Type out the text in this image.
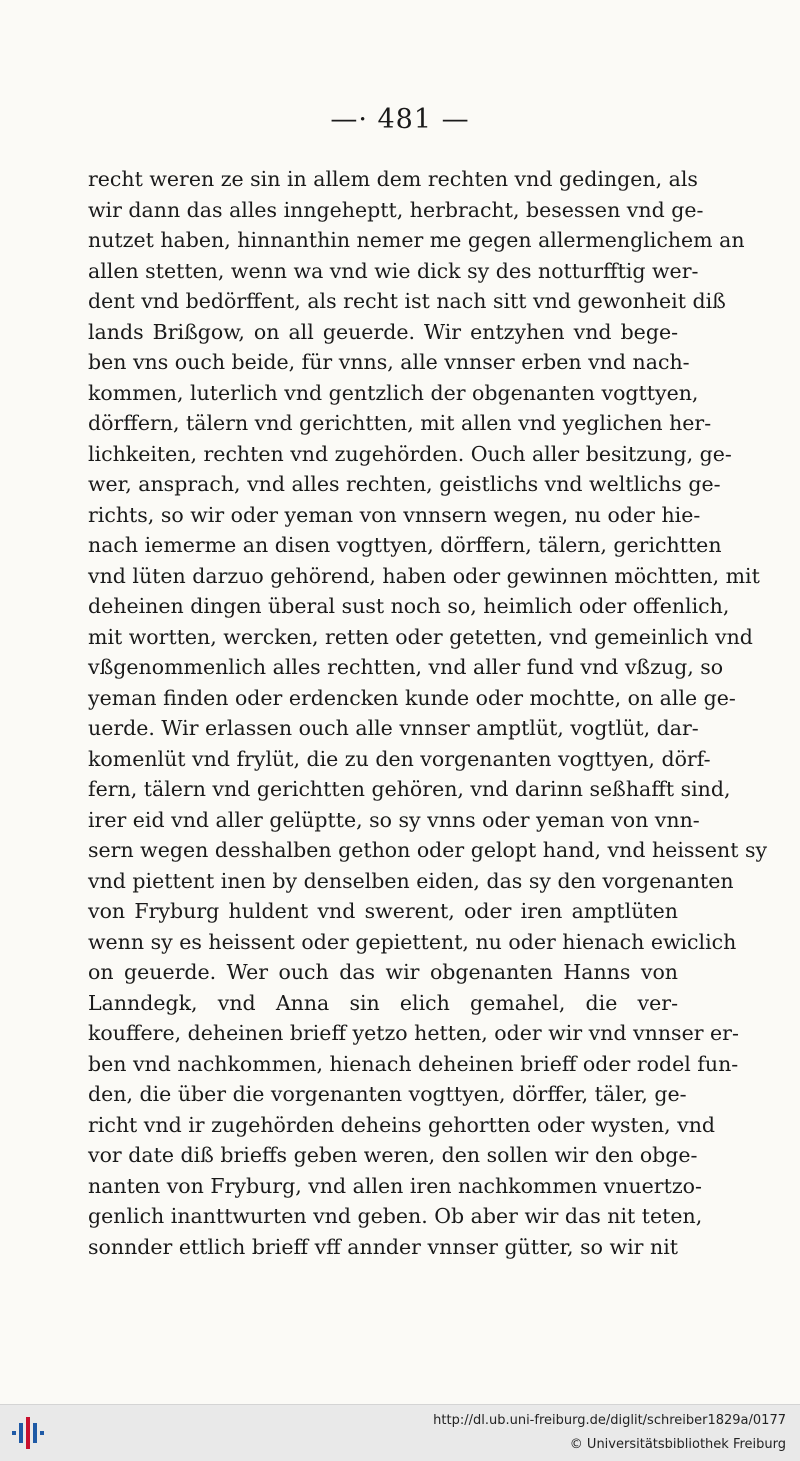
—· 481 —
recht weren ze sin in allem dem rechten vnd gedingen, als
wir dann das alles inngeheptt, herbracht, besessen vnd ge-
nutzet haben, hinnanthin nemer me gegen allermenglichem an
allen stetten, wenn wa vnd wie dick sy des notturfftig wer-
dent vnd bedörffent, als recht ist nach sitt vnd gewonheit diß
lands Brißgow, on all geuerde. Wir entzyhen vnd bege-
ben vns ouch beide, für vnns, alle vnnser erben vnd nach-
kommen, luterlich vnd gentzlich der obgenanten vogttyen,
dörffern, tälern vnd gerichtten, mit allen vnd yeglichen her-
lichkeiten, rechten vnd zugehörden. Ouch aller besitzung, ge-
wer, ansprach, vnd alles rechten, geistlichs vnd weltlichs ge-
richts, so wir oder yeman von vnnsern wegen, nu oder hie-
nach iemerme an disen vogttyen, dörffern, tälern, gerichtten
vnd lüten darzuo gehörend, haben oder gewinnen möchtten, mit
deheinen dingen überal sust noch so, heimlich oder offenlich,
mit wortten, wercken, retten oder getetten, vnd gemeinlich vnd
vßgenommenlich alles rechtten, vnd aller fund vnd vßzug, so
yeman finden oder erdencken kunde oder mochtte, on alle ge-
uerde. Wir erlassen ouch alle vnnser amptlüt, vogtlüt, dar-
komenlüt vnd frylüt, die zu den vorgenanten vogttyen, dörf-
fern, tälern vnd gerichtten gehören, vnd darinn seßhafft sind,
irer eid vnd aller gelüptte, so sy vnns oder yeman von vnn-
sern wegen desshalben gethon oder gelopt hand, vnd heissent sy
vnd piettent inen by denselben eiden, das sy den vorgenanten
von Fryburg huldent vnd swerent, oder iren amptlüten
wenn sy es heissent oder gepiettent, nu oder hienach ewiclich
on geuerde. Wer ouch das wir obgenanten Hanns von
Lanndegk, vnd Anna sin elich gemahel, die ver-
kouffere, deheinen brieff yetzo hetten, oder wir vnd vnnser er-
ben vnd nachkommen, hienach deheinen brieff oder rodel fun-
den, die über die vorgenanten vogttyen, dörffer, täler, ge-
richt vnd ir zugehörden deheins gehortten oder wysten, vnd
vor date diß brieffs geben weren, den sollen wir den obge-
nanten von Fryburg, vnd allen iren nachkommen vnuertzo-
genlich inanttwurten vnd geben. Ob aber wir das nit teten,
sonnder ettlich brieff vff annder vnnser gütter, so wir nit
http://dl.ub.uni-freiburg.de/diglit/schreiber1829a/0177
© Universitätsbibliothek Freiburg
